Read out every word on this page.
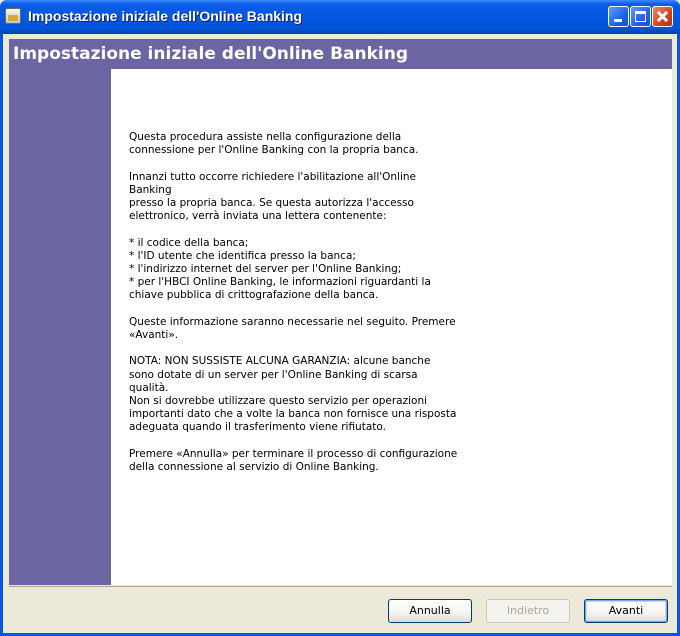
Impostazione iniziale dell'Online Banking
Impostazione iniziale dell'Online Banking

Questa procedura assiste nella configurazione della
connessione per l'Online Banking con la propria banca.

Innanzi tutto occorre richiedere l'abilitazione all'Online Banking
presso la propria banca. Se questa autorizza l'accesso
elettronico, verrà inviata una lettera contenente:

* il codice della banca;
* l'ID utente che identifica presso la banca;
* l'indirizzo internet del server per l'Online Banking;
* per l'HBCI Online Banking, le informazioni riguardanti la
chiave pubblica di crittografazione della banca.

Queste informazione saranno necessarie nel seguito. Premere
«Avanti».

NOTA: NON SUSSISTE ALCUNA GARANZIA: alcune banche
sono dotate di un server per l'Online Banking di scarsa qualità.
Non si dovrebbe utilizzare questo servizio per operazioni
importanti dato che a volte la banca non fornisce una risposta
adeguata quando il trasferimento viene rifiutato.

Premere «Annulla» per terminare il processo di configurazione
della connessione al servizio di Online Banking.

Annulla	Indietro	Avanti
